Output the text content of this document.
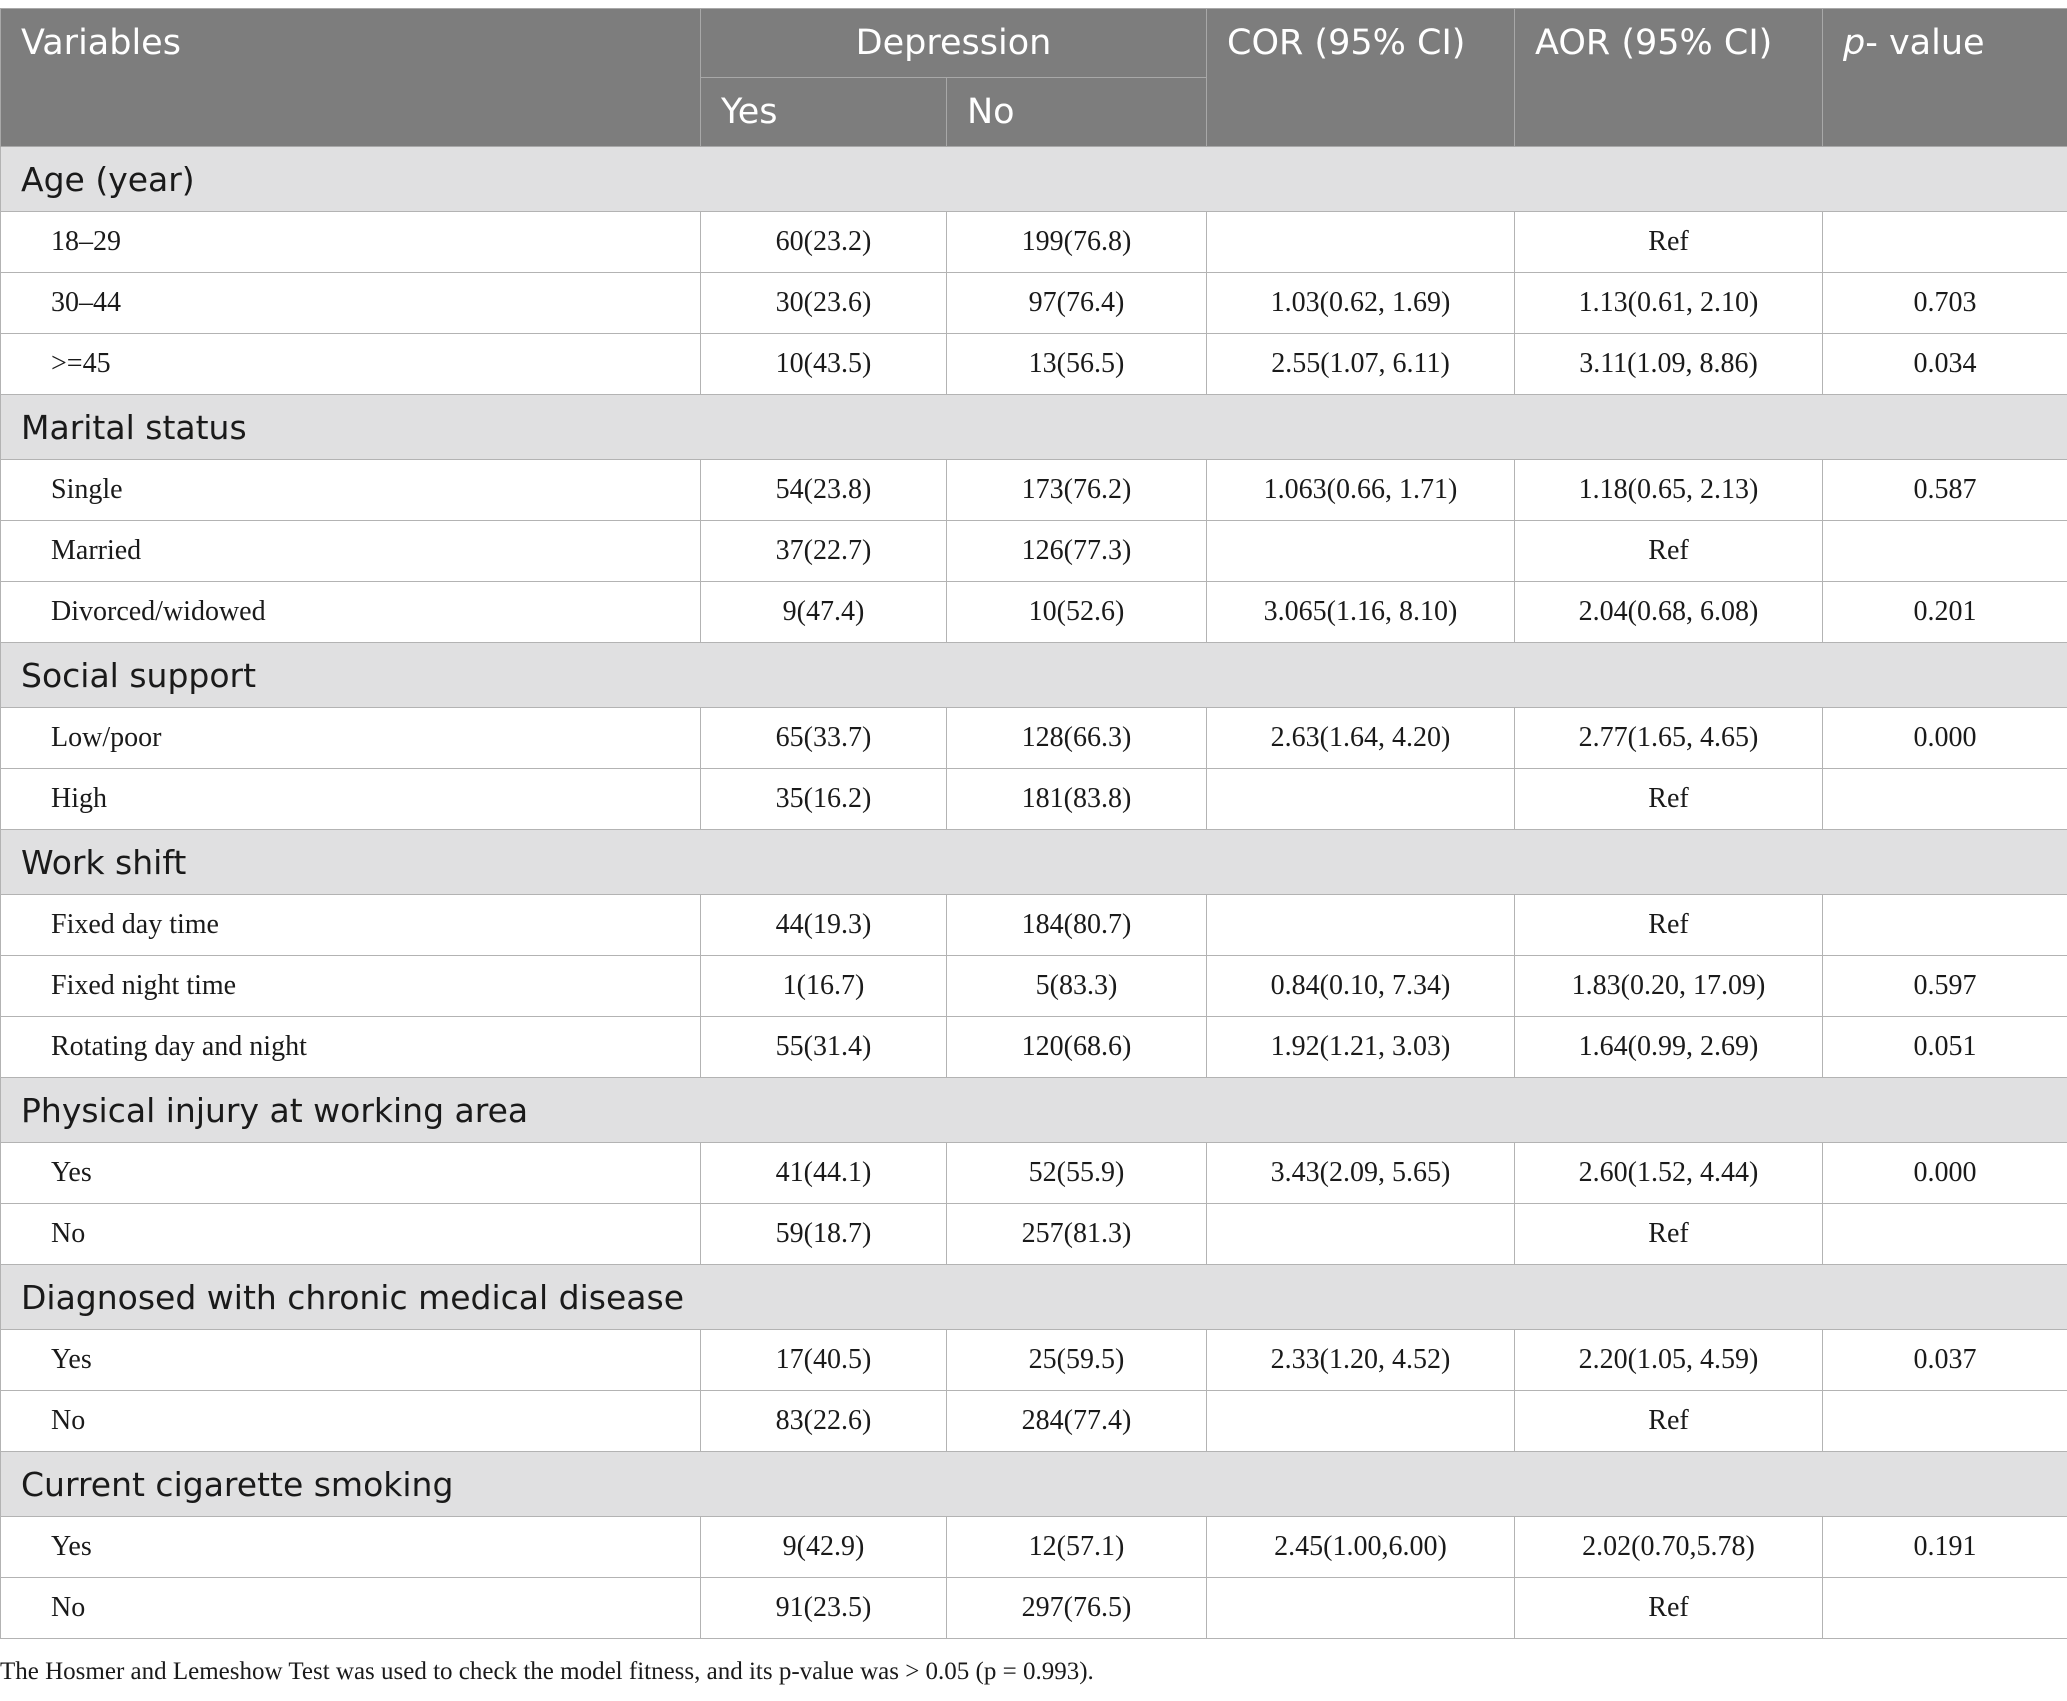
Variables	Depression		COR (95% CI)	AOR (95% CI)	p- value
	Yes	No			
Age (year)					
18–29	60(23.2)	199(76.8)		Ref	
30–44	30(23.6)	97(76.4)	1.03(0.62, 1.69)	1.13(0.61, 2.10)	0.703
>=45	10(43.5)	13(56.5)	2.55(1.07, 6.11)	3.11(1.09, 8.86)	0.034
Marital status					
Single	54(23.8)	173(76.2)	1.063(0.66, 1.71)	1.18(0.65, 2.13)	0.587
Married	37(22.7)	126(77.3)		Ref	
Divorced/widowed	9(47.4)	10(52.6)	3.065(1.16, 8.10)	2.04(0.68, 6.08)	0.201
Social support					
Low/poor	65(33.7)	128(66.3)	2.63(1.64, 4.20)	2.77(1.65, 4.65)	0.000
High	35(16.2)	181(83.8)		Ref	
Work shift					
Fixed day time	44(19.3)	184(80.7)		Ref	
Fixed night time	1(16.7)	5(83.3)	0.84(0.10, 7.34)	1.83(0.20, 17.09)	0.597
Rotating day and night	55(31.4)	120(68.6)	1.92(1.21, 3.03)	1.64(0.99, 2.69)	0.051
Physical injury at working area					
Yes	41(44.1)	52(55.9)	3.43(2.09, 5.65)	2.60(1.52, 4.44)	0.000
No	59(18.7)	257(81.3)		Ref	
Diagnosed with chronic medical disease					
Yes	17(40.5)	25(59.5)	2.33(1.20, 4.52)	2.20(1.05, 4.59)	0.037
No	83(22.6)	284(77.4)		Ref	
Current cigarette smoking					
Yes	9(42.9)	12(57.1)	2.45(1.00,6.00)	2.02(0.70,5.78)	0.191
No	91(23.5)	297(76.5)		Ref	
The Hosmer and Lemeshow Test was used to check the model fitness, and its p-value was > 0.05 (p = 0.993).
